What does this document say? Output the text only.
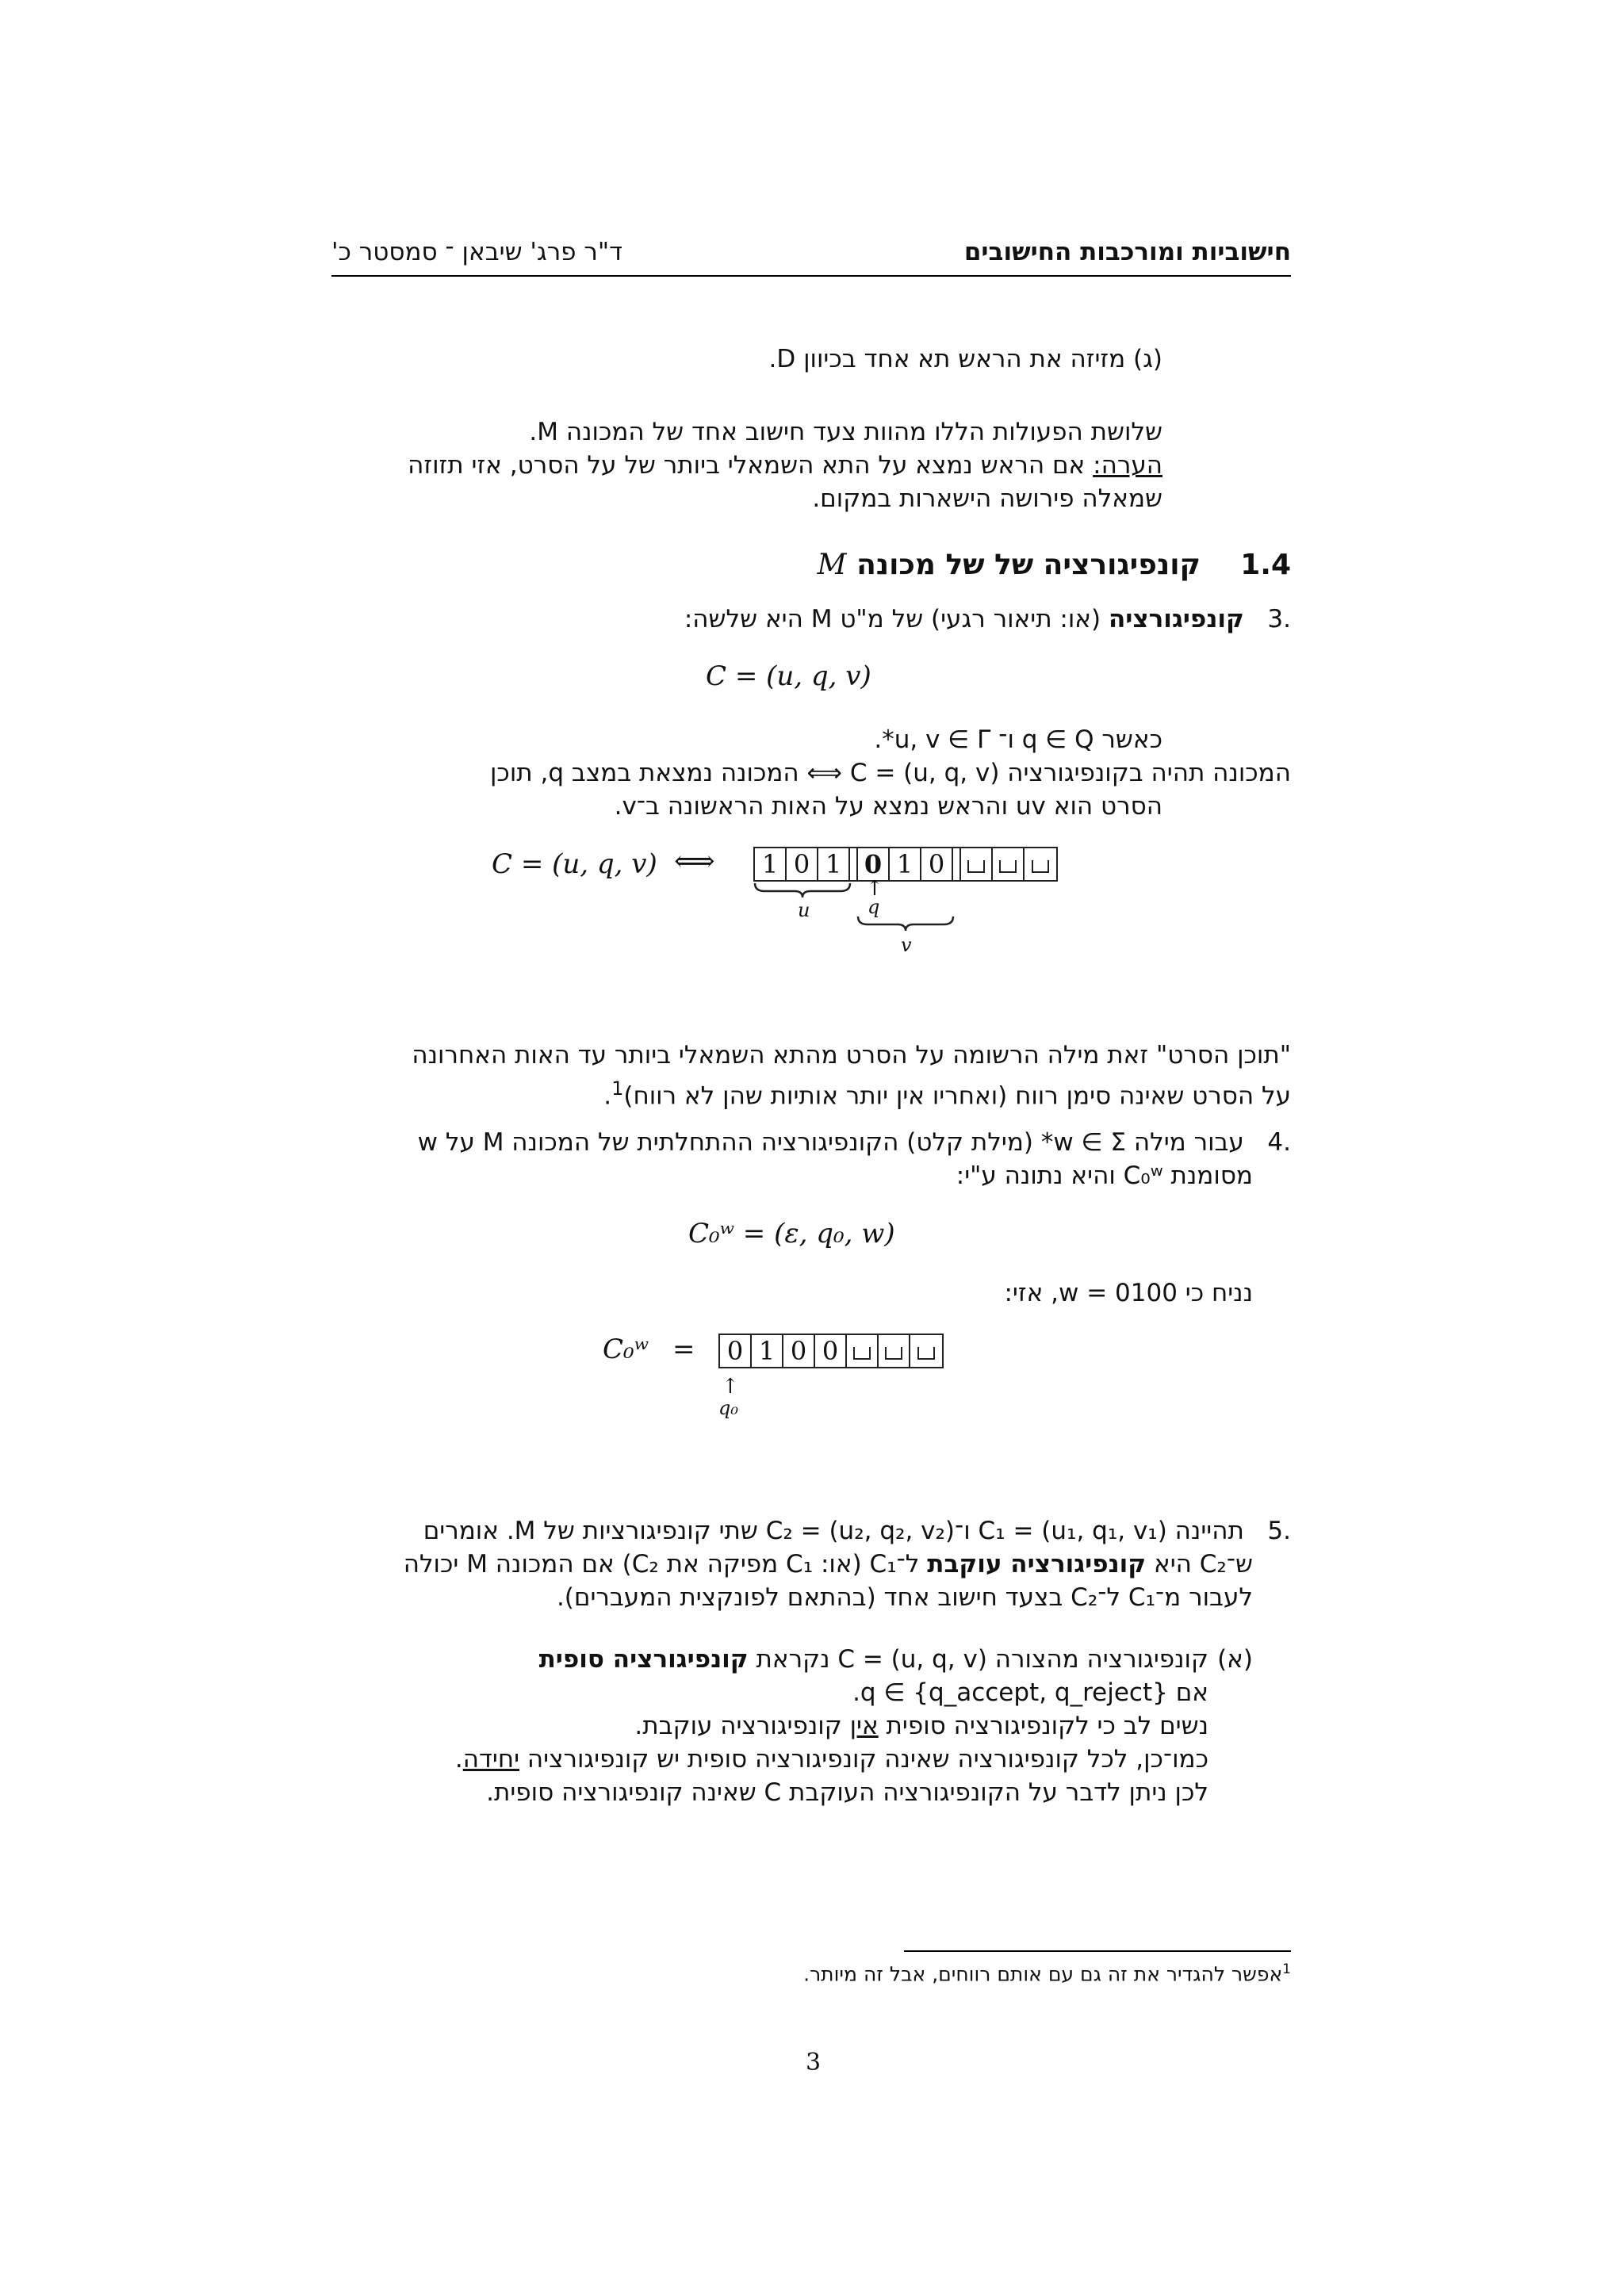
חישוביות ומורכבות החישובים
ד"ר פרג' שיבאן ־ סמסטר כ'
(ג) מזיזה את הראש תא אחד בכיוון D.
שלושת הפעולות הללו מהוות צעד חישוב אחד של המכונה M.
הערה: אם הראש נמצא על התא השמאלי ביותר של על הסרט, אזי תזוזה
שמאלה פירושה הישארות במקום.
1.4    קונפיגורציה של של מכונה M
.3   קונפיגורציה (או: תיאור רגעי) של מ"ט M היא שלשה:
C = (u, q, v)
כאשר q ∈ Q ו־ u, v ∈ Γ*.
המכונה תהיה בקונפיגורציה C = (u, q, v) ⟺ המכונה נמצאת במצב q, תוכן
הסרט הוא uv והראש נמצא על האות הראשונה ב־v.
C = (u, q, v) ⟺ 1 0 1 0 1 0
u
↑
q
v
"תוכן הסרט" זאת מילה הרשומה על הסרט מהתא השמאלי ביותר עד האות האחרונה
על הסרט שאינה סימן רווח (ואחריו אין יותר אותיות שהן לא רווח)$^1$.
.4   עבור מילה w ∈ Σ* (מילת קלט) הקונפיגורציה ההתחלתית של המכונה M על w
מסומנת C₀ʷ והיא נתונה ע"י:
C₀ʷ = (ε, q₀, w)
נניח כי w = 0100, אזי:
C₀ʷ = 0 1 0 0
↑
q₀
.5   תהיינה C₁ = (u₁, q₁, v₁) ו־C₂ = (u₂, q₂, v₂) שתי קונפיגורציות של M. אומרים
ש־C₂ היא קונפיגורציה עוקבת ל־C₁ (או: C₁ מפיקה את C₂) אם המכונה M יכולה
לעבור מ־C₁ ל־C₂ בצעד חישוב אחד (בהתאם לפונקצית המעברים).
(א)
קונפיגורציה מהצורה C = (u, q, v) נקראת קונפיגורציה סופית
אם q ∈ {q_accept, q_reject}.
נשים לב כי לקונפיגורציה סופית אין קונפיגורציה עוקבת.
כמו־כן, לכל קונפיגורציה שאינה קונפיגורציה סופית יש קונפיגורציה יחידה.
לכן ניתן לדבר על הקונפיגורציה העוקבת C שאינה קונפיגורציה סופית.
$^1$אפשר להגדיר את זה גם עם אותם רווחים, אבל זה מיותר.
3
